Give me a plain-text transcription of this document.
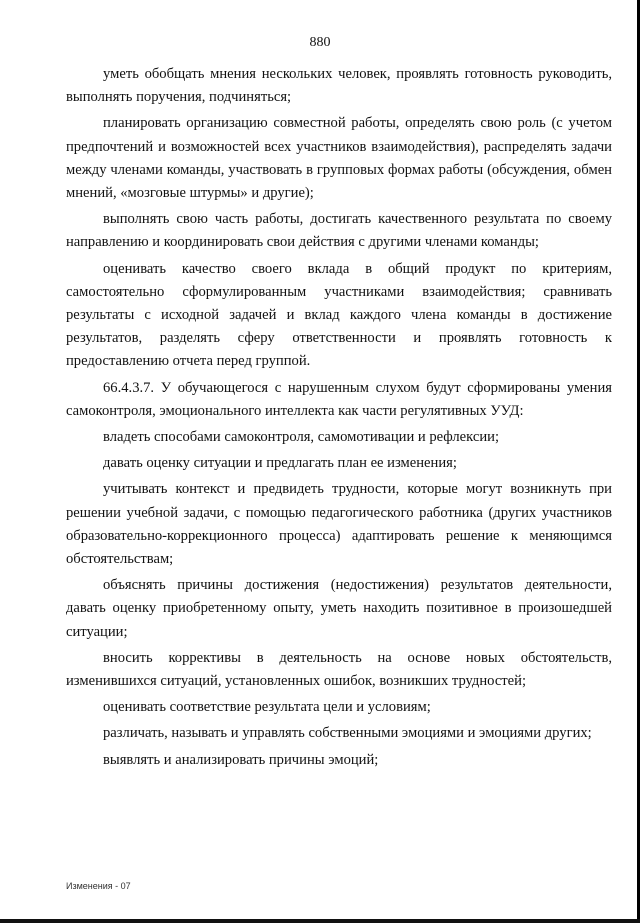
880

уметь обобщать мнения нескольких человек, проявлять готовность руководить, выполнять поручения, подчиняться;

планировать организацию совместной работы, определять свою роль (с учетом предпочтений и возможностей всех участников взаимодействия), распределять задачи между членами команды, участвовать в групповых формах работы (обсуждения, обмен мнений, «мозговые штурмы» и другие);

выполнять свою часть работы, достигать качественного результата по своему направлению и координировать свои действия с другими членами команды;

оценивать качество своего вклада в общий продукт по критериям, самостоятельно сформулированным участниками взаимодействия; сравнивать результаты с исходной задачей и вклад каждого члена команды в достижение результатов, разделять сферу ответственности и проявлять готовность к предоставлению отчета перед группой.

66.4.3.7. У обучающегося с нарушенным слухом будут сформированы умения самоконтроля, эмоционального интеллекта как части регулятивных УУД:

владеть способами самоконтроля, самомотивации и рефлексии;

давать оценку ситуации и предлагать план ее изменения;

учитывать контекст и предвидеть трудности, которые могут возникнуть при решении учебной задачи, с помощью педагогического работника (других участников образовательно-коррекционного процесса) адаптировать решение к меняющимся обстоятельствам;

объяснять причины достижения (недостижения) результатов деятельности, давать оценку приобретенному опыту, уметь находить позитивное в произошедшей ситуации;

вносить коррективы в деятельность на основе новых обстоятельств, изменившихся ситуаций, установленных ошибок, возникших трудностей;

оценивать соответствие результата цели и условиям;

различать, называть и управлять собственными эмоциями и эмоциями других;

выявлять и анализировать причины эмоций;

Изменения - 07
